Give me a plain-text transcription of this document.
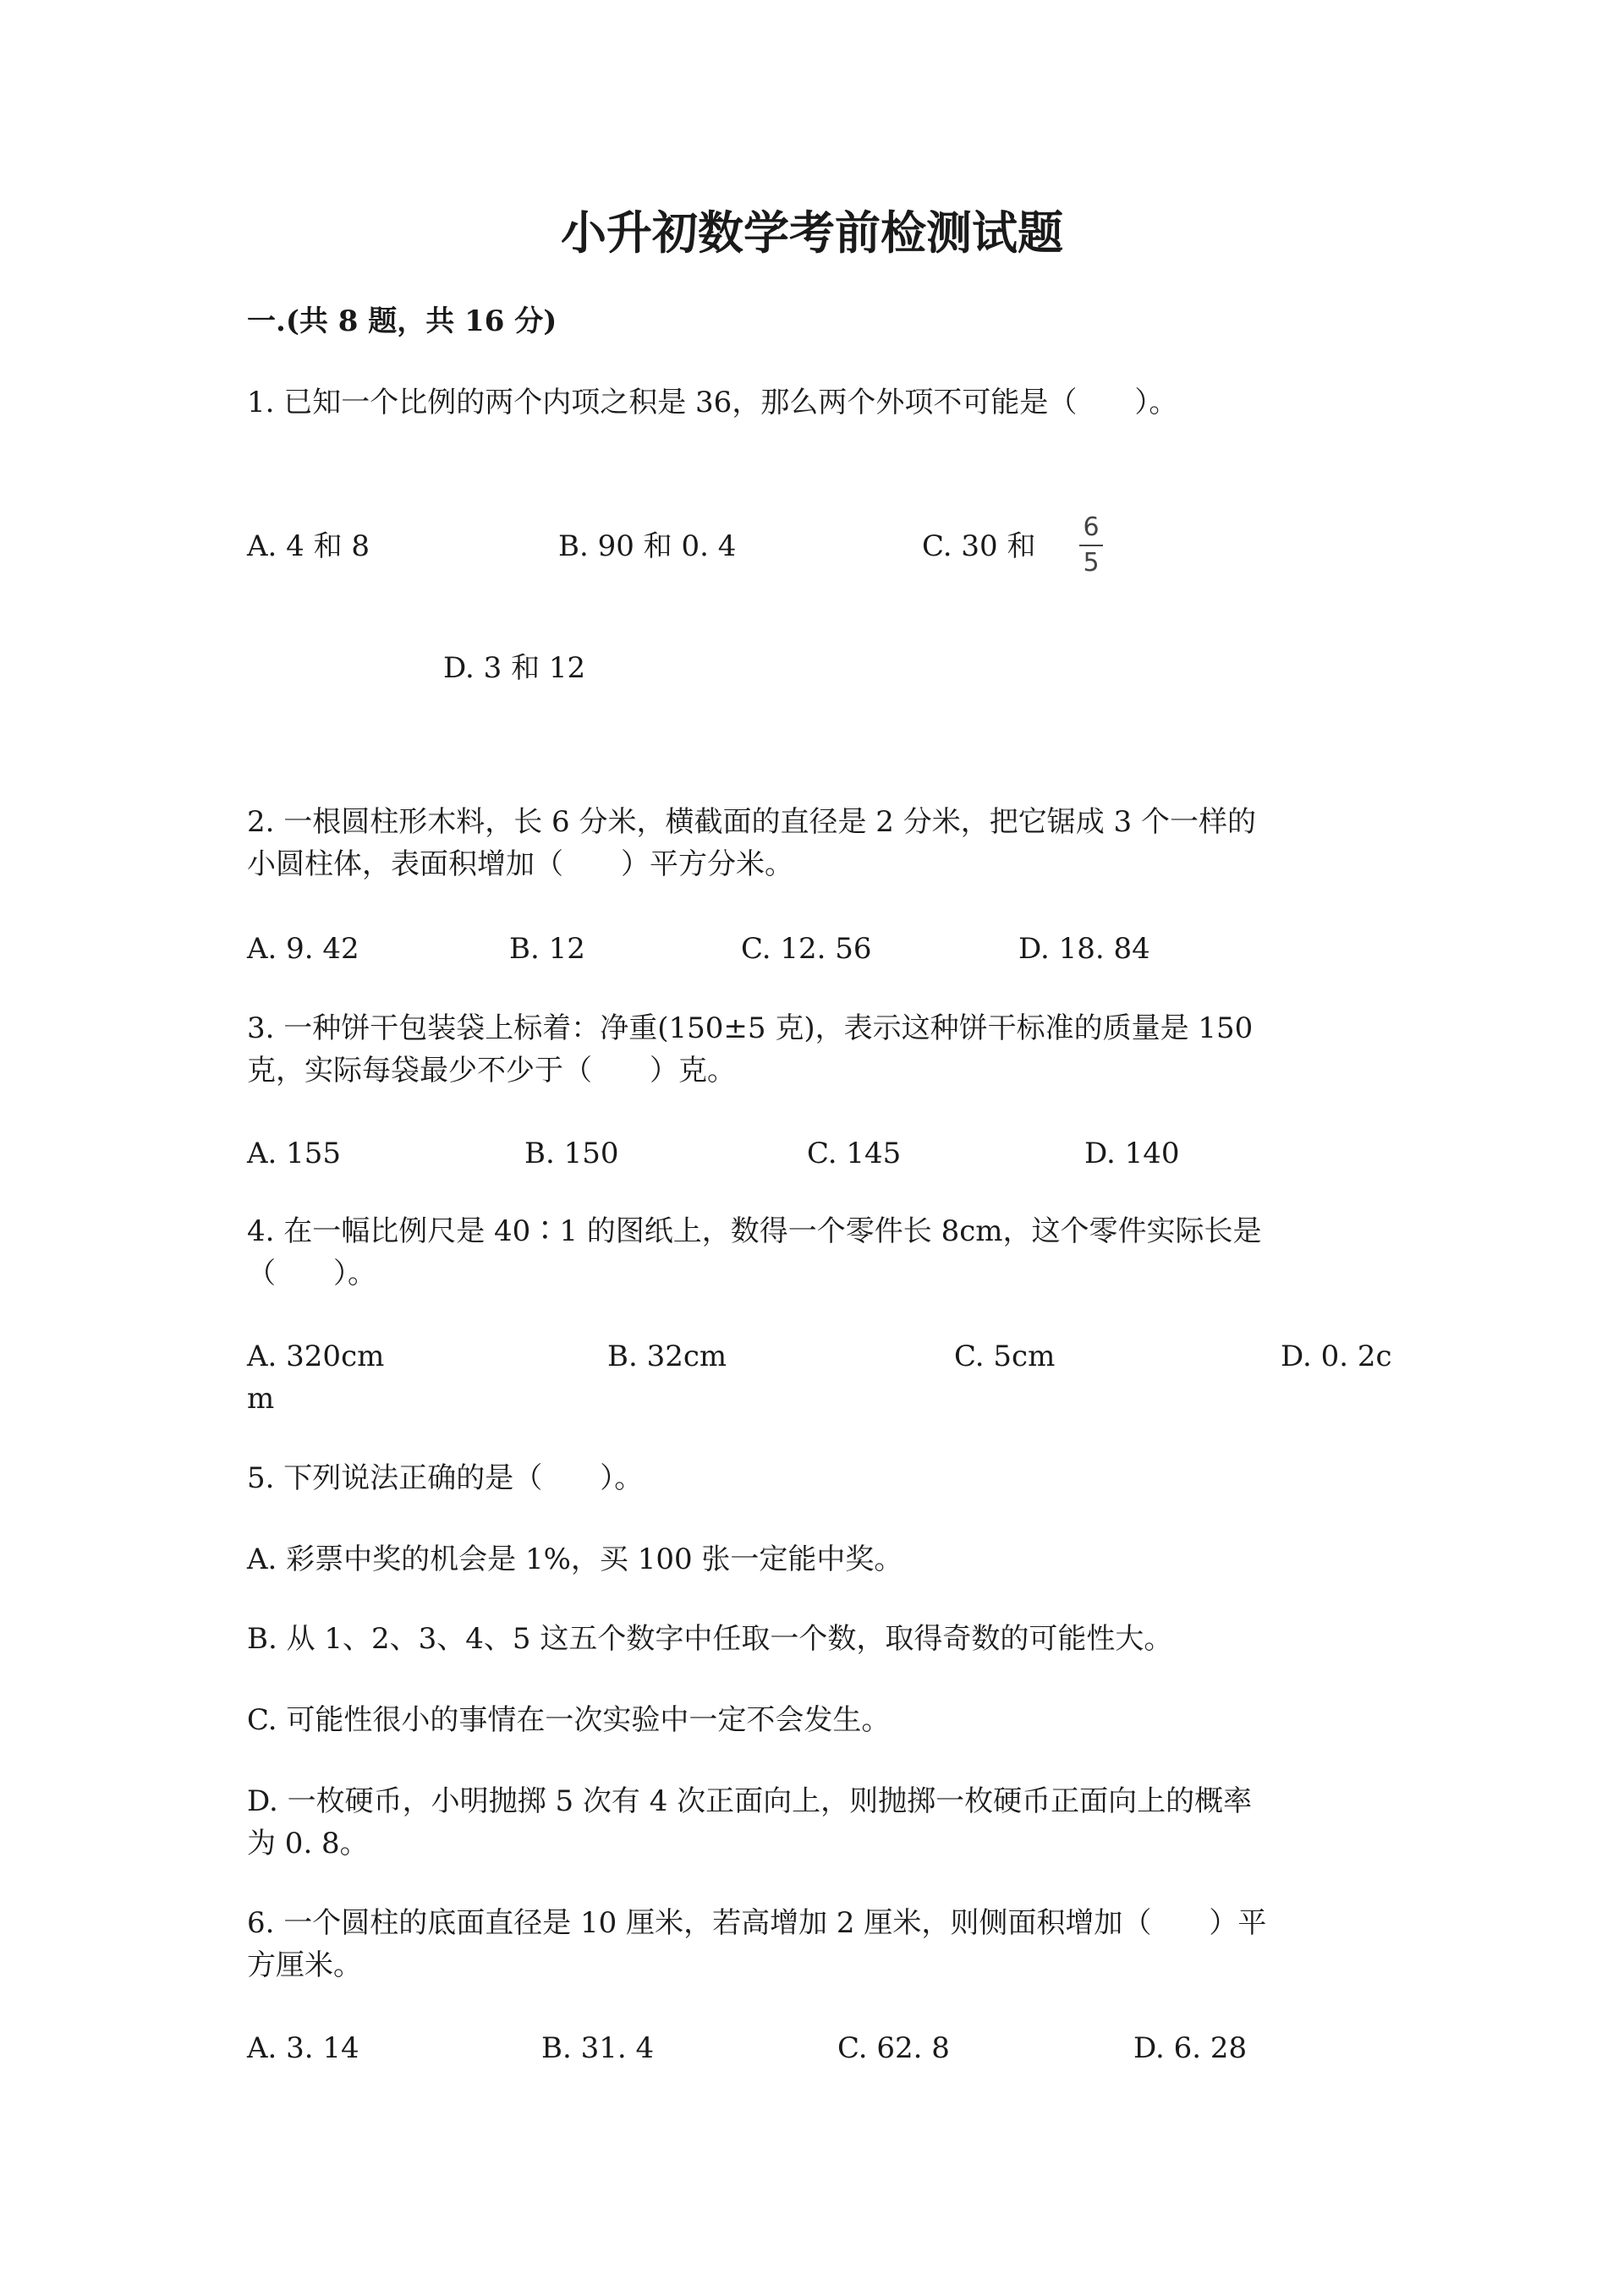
小升初数学考前检测试题
一.(共 8 题，共 16 分)
1. 已知一个比例的两个内项之积是 36，那么两个外项不可能是（　　）。
A. 4 和 8	B. 90 和 0. 4	C. 30 和
6
5
D. 3 和 12
2. 一根圆柱形木料，长 6 分米，横截面的直径是 2 分米，把它锯成 3 个一样的
小圆柱体，表面积增加（　　）平方分米。
A. 9. 42	B. 12	C. 12. 56	D. 18. 84
3. 一种饼干包装袋上标着：净重(150±5 克)，表示这种饼干标准的质量是 150
克，实际每袋最少不少于（　　）克。
A. 155	B. 150	C. 145	D. 140
4. 在一幅比例尺是 40∶1 的图纸上，数得一个零件长 8cm，这个零件实际长是
（　　）。
A. 320cm	B. 32cm	C. 5cm	D. 0. 2c
m
5. 下列说法正确的是（　　）。
A. 彩票中奖的机会是 1%，买 100 张一定能中奖。
B. 从 1、2、3、4、5 这五个数字中任取一个数，取得奇数的可能性大。
C. 可能性很小的事情在一次实验中一定不会发生。
D. 一枚硬币，小明抛掷 5 次有 4 次正面向上，则抛掷一枚硬币正面向上的概率
为 0. 8。
6. 一个圆柱的底面直径是 10 厘米，若高增加 2 厘米，则侧面积增加（　　）平
方厘米。
A. 3. 14	B. 31. 4	C. 62. 8	D. 6. 28
